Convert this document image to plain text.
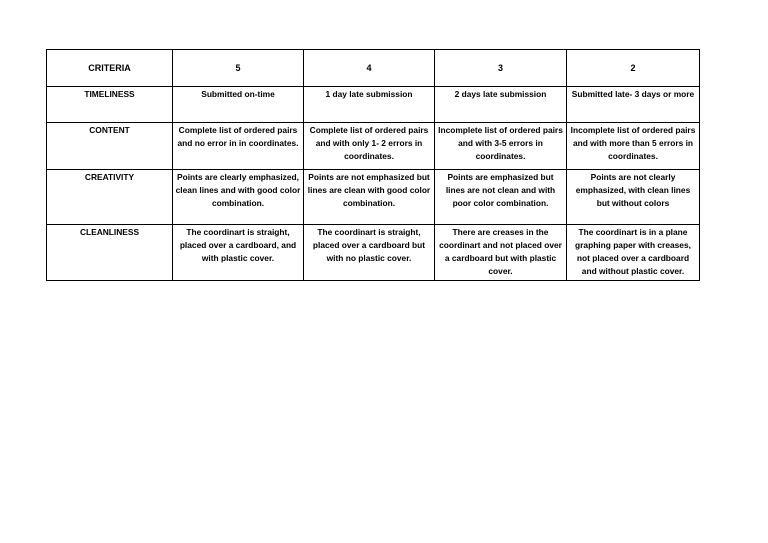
CRITERIA	5	4	3	2
TIMELINESS	Submitted on-time	1 day late submission	2 days late submission	Submitted late- 3 days or more
CONTENT	Complete list of ordered pairs and no error in in coordinates.	Complete list of ordered pairs and with only 1- 2 errors in coordinates.	Incomplete list of ordered pairs and with 3-5 errors in coordinates.	Incomplete list of ordered pairs and with more than 5 errors in coordinates.
CREATIVITY	Points are clearly emphasized, clean lines and with good color combination.	Points are not emphasized but lines are clean with good color combination.	Points are emphasized but lines are not clean and with poor color combination.	Points are not clearly emphasized, with clean lines but without colors
CLEANLINESS	The coordinart is straight, placed over a cardboard, and with plastic cover.	The coordinart is straight, placed over a cardboard but with no plastic cover.	There are creases in the coordinart and not placed over a cardboard but with plastic cover.	The coordinart is in a plane graphing paper with creases, not placed over a cardboard and without plastic cover.
